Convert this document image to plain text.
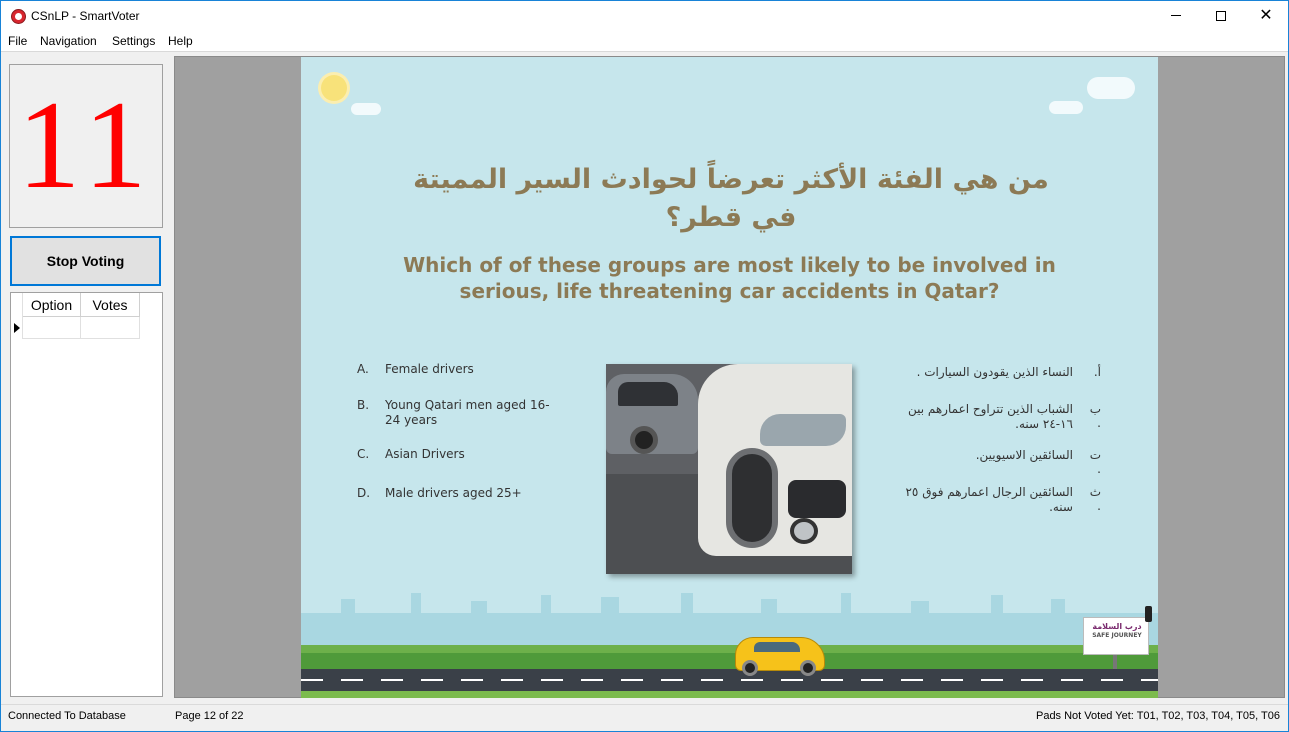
CSnLP - SmartVoter	✕
File Navigation Settings Help
11
Stop Voting
Option	Votes
من هي الفئة الأكثر تعرضاً لحوادث السير المميتة في قطر؟
Which of of these groups are most likely to be involved in serious, life threatening car accidents in Qatar?
A.	Female drivers
B.	Young Qatari men aged 16-24 years
C.	Asian Drivers
D.	Male drivers aged 25+
أ.
النساء الذين يقودون السيارات .
ب .
الشباب الذين تتراوح اعمارهم بين ١٦-٢٤ سنه.
ت .
السائقين الاسيويين.
ث .
السائقين الرجال اعمارهم فوق ٢٥ سنه.
درب السلامة
SAFE JOURNEY
Connected To Database	Page 12 of 22	Pads Not Voted Yet: T01, T02, T03, T04, T05, T06
